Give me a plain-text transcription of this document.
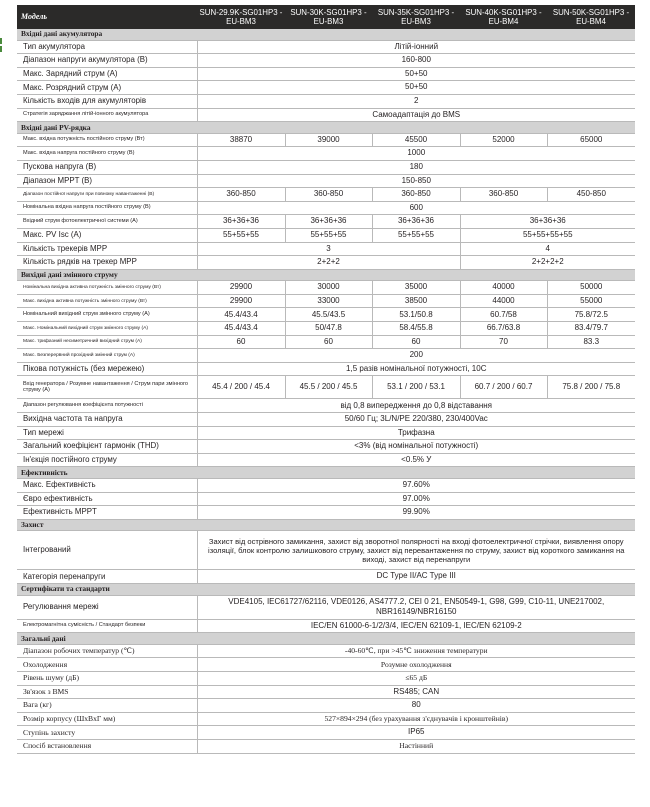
Модель	SUN-29.9K-SG01HP3 -EU-BM3	SUN-30K-SG01HP3 -EU-BM3	SUN-35K-SG01HP3 -EU-BM3	SUN-40K-SG01HP3 -EU-BM4	SUN-50K-SG01HP3 -EU-BM4
Вхідні дані акумулятора					
Тип акумулятора	Літій-іонний				
Діапазон напруги акумулятора (В)	160-800				
Макс. Зарядний струм (A)	50+50				
Макс. Розрядний струм (A)	50+50				
Кількість входів для акумуляторів	2				
Стратегія заряджання літій-іонного акумулятора	Самоадаптація до BMS				
Вхідні дані PV-рядка					
Макс. вхідна потужність постійного струму (Вт)	38870	39000	45500	52000	65000
Макс. вхідна напруга постійного струму (В)	1000				
Пускова напруга (В)	180				
Діапазон MPPT (В)	150-850				
Діапазон постійної напруги при повному навантаженні (В)	360-850	360-850	360-850	360-850	450-850
Номінальна вхідна напруга постійного струму (В)	600				
Вхідний струм фотоелектричної системи (A)	36+36+36	36+36+36	36+36+36	36+36+36	
Макс. PV Isc (A)	55+55+55	55+55+55	55+55+55	55+55+55+55	
Кількість трекерів MPP	3			4	
Кількість рядків на трекер MPP	2+2+2			2+2+2+2	
Вихідні дані змінного струму					
Номінальна вихідна активна потужність змінного струму (Вт)	29900	30000	35000	40000	50000
Макс. вихідна активна потужність змінного струму (Вт)	29900	33000	38500	44000	55000
Номінальний вихідний струм змінного струму (A)	45.4/43.4	45.5/43.5	53.1/50.8	60.7/58	75.8/72.5
Макс. Номінальний вихідний струм змінного струму (A)	45.4/43.4	50/47.8	58.4/55.8	66.7/63.8	83.4/79.7
Макс. трифазний несиметричний вихідний струм (A)	60	60	60	70	83.3
Макс. Безперервний прохідний змінний струм (A)	200				
Пікова потужність (без мережею)	1,5 разів номінальної потужності, 10С				
Вхід генератора / Розумне навантаження / Струм пари змінного струму (A)	45.4 / 200 / 45.4	45.5 / 200 / 45.5	53.1 / 200 / 53.1	60.7 / 200 / 60.7	75.8 / 200 / 75.8
Діапазон регулювання коефіцієнта потужності	від 0,8 випередження до 0,8 відставання				
Вихідна частота та напруга	50/60 Гц; 3L/N/PE 220/380, 230/400Vac				
Тип мережі	Трифазна				
Загальний коефіцієнт гармонік (THD)	<3% (від номінальної потужності)				
Ін'єкція постійного струму	<0.5% У				
Ефективність					
Макс. Ефективність	97.60%				
Євро ефективність	97.00%				
Ефективність MPPT	99.90%				
Захист					
Інтегрований	Захист від острівного замикання, захист від зворотної полярності на вході фотоелектричної стрічки, виявлення опору ізоляції, блок контролю залишкового струму, захист від перевантаження по струму, захист від короткого замикання на виході, захист від перенапруги				
Категорія перенапруги	DC Type II/AC Type III				
Сертифікати та стандарти					
Регулювання мережі	VDE4105, IEC61727/62116, VDE0126, AS4777.2, CEI 0 21, EN50549-1, G98, G99, C10-11, UNE217002, NBR16149/NBR16150				
Електромагнітна сумісність / Стандарт безпеки	IEC/EN 61000-6-1/2/3/4, IEC/EN 62109-1, IEC/EN 62109-2				
Загальні дані					
Діапазон робочих температур (℃)	-40-60℃, при >45℃ зниження температури				
Охолодження	Розумне охолодження				
Рівень шуму (дБ)	≤65 дБ				
Зв'язок з BMS	RS485; CAN				
Вага (кг)	80				
Розмір корпусу (ШxВxГ мм)	527×894×294 (без урахування з'єднувачів і кронштейнів)				
Ступінь захисту	IP65				
Спосіб встановлення	Настінний				
